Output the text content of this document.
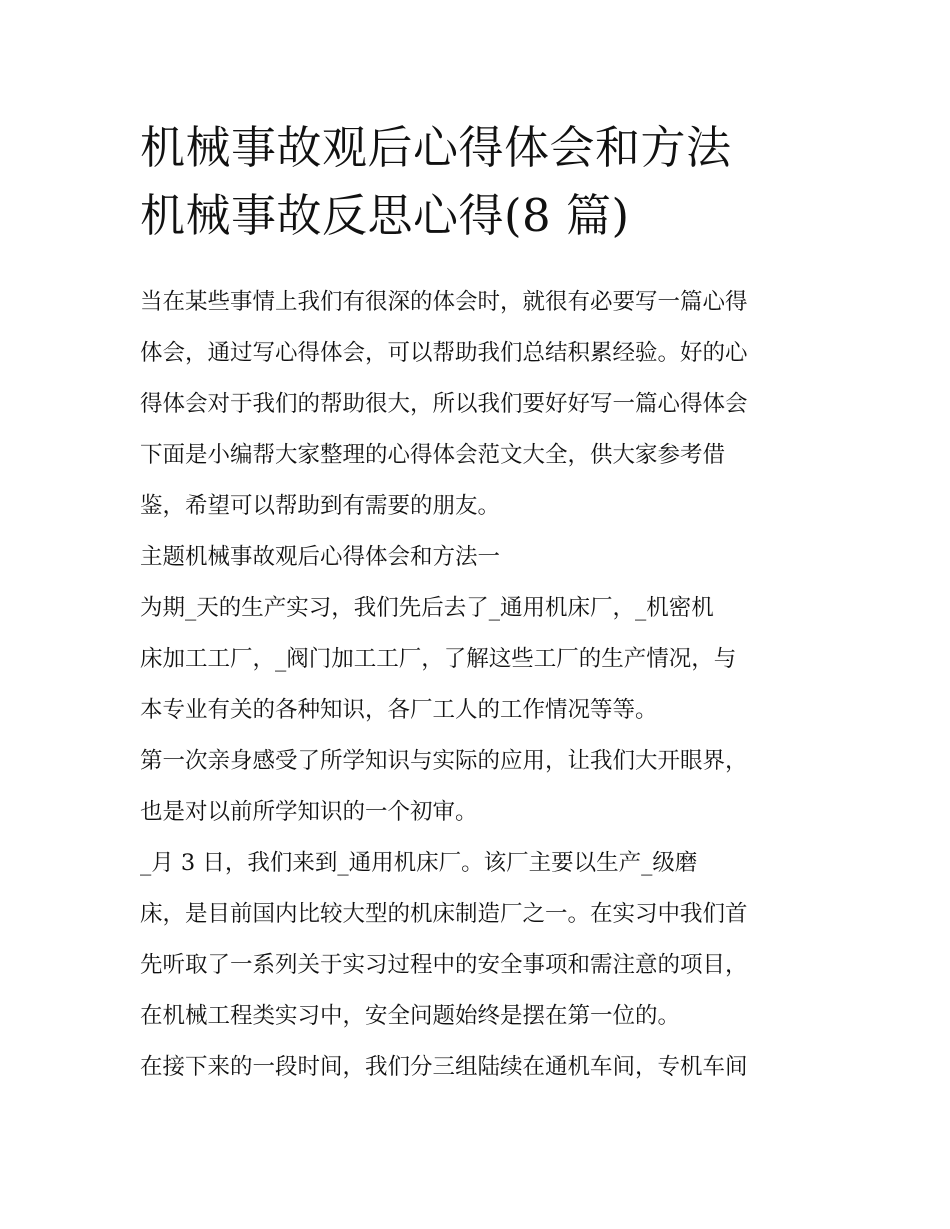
机械事故观后心得体会和方法
机械事故反思心得(8 篇)
当在某些事情上我们有很深的体会时，就很有必要写一篇心得
体会，通过写心得体会，可以帮助我们总结积累经验。好的心
得体会对于我们的帮助很大，所以我们要好好写一篇心得体会
下面是小编帮大家整理的心得体会范文大全，供大家参考借
鉴，希望可以帮助到有需要的朋友。
主题机械事故观后心得体会和方法一
为期_天的生产实习，我们先后去了_通用机床厂，_机密机
床加工工厂，_阀门加工工厂，了解这些工厂的生产情况，与
本专业有关的各种知识，各厂工人的工作情况等等。
第一次亲身感受了所学知识与实际的应用，让我们大开眼界，
也是对以前所学知识的一个初审。
_月 3 日，我们来到_通用机床厂。该厂主要以生产_级磨
床，是目前国内比较大型的机床制造厂之一。在实习中我们首
先听取了一系列关于实习过程中的安全事项和需注意的项目，
在机械工程类实习中，安全问题始终是摆在第一位的。
在接下来的一段时间，我们分三组陆续在通机车间，专机车间
